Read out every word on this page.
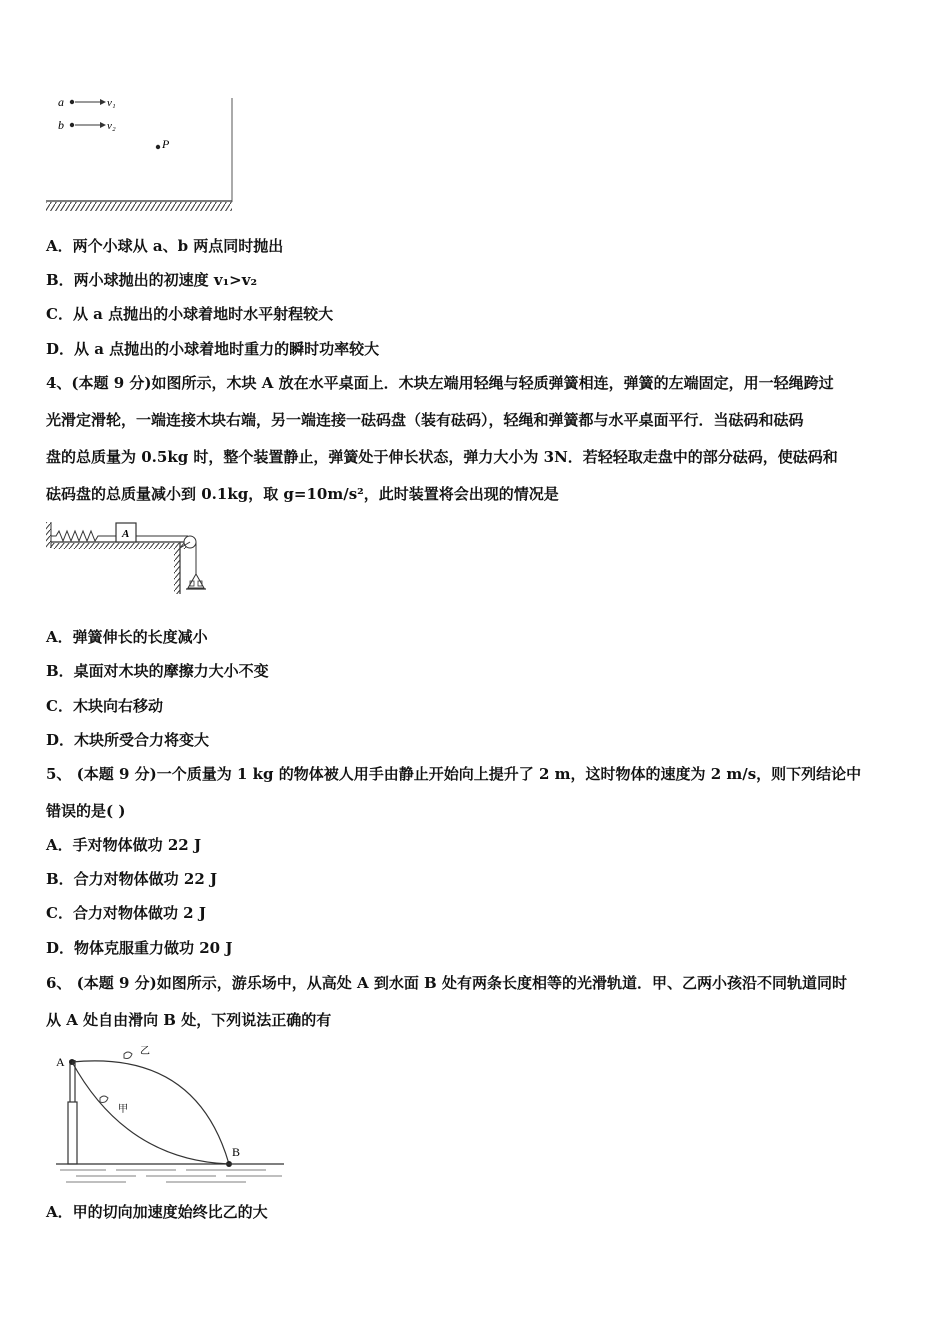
a	v₁
b	v₂
P
A．两个小球从 a、b 两点同时抛出
B．两小球抛出的初速度 v₁>v₂
C．从 a 点抛出的小球着地时水平射程较大
D．从 a 点抛出的小球着地时重力的瞬时功率较大
4、(本题 9 分)如图所示，木块 A 放在水平桌面上．木块左端用轻绳与轻质弹簧相连，弹簧的左端固定，用一轻绳跨过
光滑定滑轮，一端连接木块右端，另一端连接一砝码盘（装有砝码），轻绳和弹簧都与水平桌面平行．当砝码和砝码
盘的总质量为 0.5kg 时，整个装置静止，弹簧处于伸长状态，弹力大小为 3N．若轻轻取走盘中的部分砝码，使砝码和
砝码盘的总质量减小到 0.1kg，取 g=10m/s²，此时装置将会出现的情况是
A
A．弹簧伸长的长度减小
B．桌面对木块的摩擦力大小不变
C．木块向右移动
D．木块所受合力将变大
5、 (本题 9 分)一个质量为 1 kg 的物体被人用手由静止开始向上提升了 2 m，这时物体的速度为 2 m/s，则下列结论中
错误的是( )
A．手对物体做功 22 J
B．合力对物体做功 22 J
C．合力对物体做功 2 J
D．物体克服重力做功 20 J
6、 (本题 9 分)如图所示，游乐场中，从高处 A 到水面 B 处有两条长度相等的光滑轨道．甲、乙两小孩沿不同轨道同时
从 A 处自由滑向 B 处，下列说法正确的有
A
B
甲
乙
A．甲的切向加速度始终比乙的大
